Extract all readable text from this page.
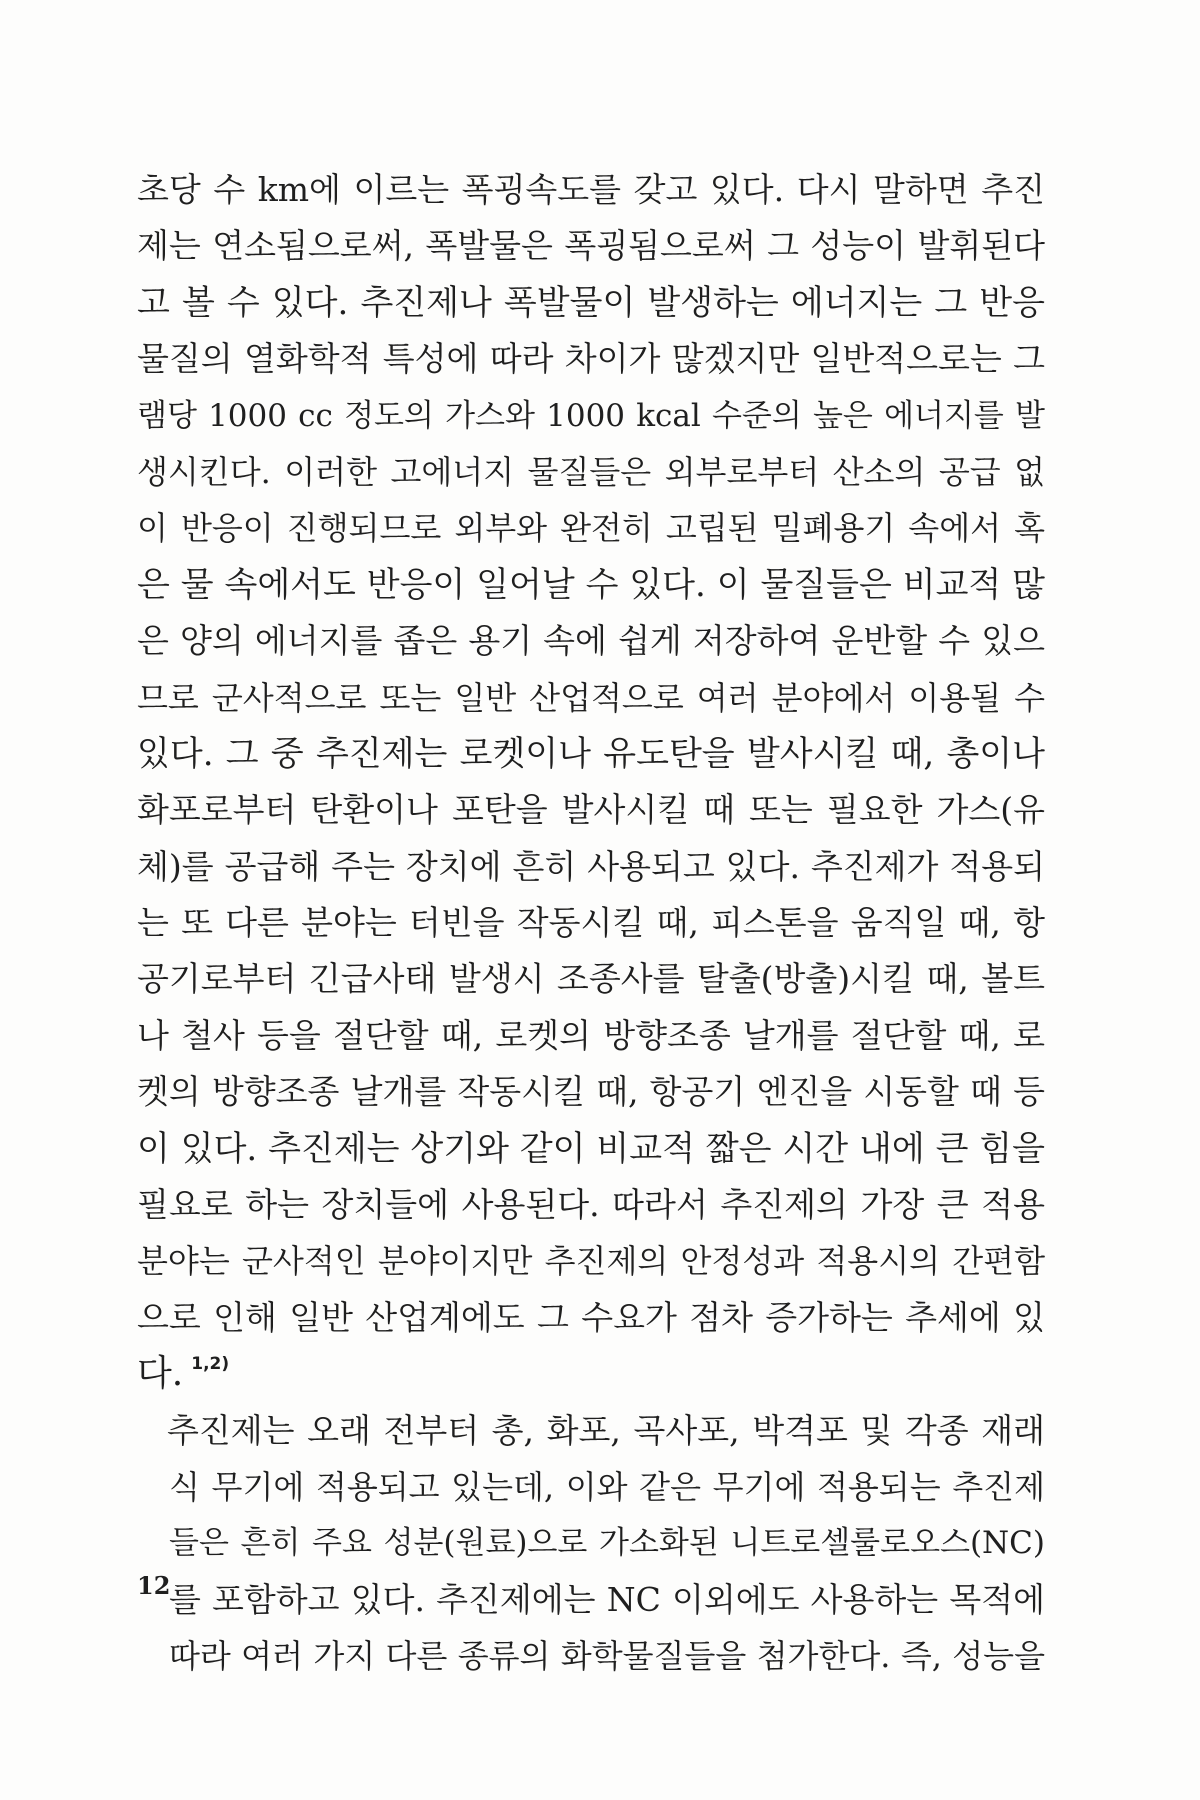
초당 수 km에 이르는 폭굉속도를 갖고 있다. 다시 말하면 추진
제는 연소됨으로써, 폭발물은 폭굉됨으로써 그 성능이 발휘된다
고 볼 수 있다. 추진제나 폭발물이 발생하는 에너지는 그 반응
물질의 열화학적 특성에 따라 차이가 많겠지만 일반적으로는 그
램당 1000 cc 정도의 가스와 1000 kcal 수준의 높은 에너지를 발
생시킨다. 이러한 고에너지 물질들은 외부로부터 산소의 공급 없
이 반응이 진행되므로 외부와 완전히 고립된 밀폐용기 속에서 혹
은 물 속에서도 반응이 일어날 수 있다. 이 물질들은 비교적 많
은 양의 에너지를 좁은 용기 속에 쉽게 저장하여 운반할 수 있으
므로 군사적으로 또는 일반 산업적으로 여러 분야에서 이용될 수
있다. 그 중 추진제는 로켓이나 유도탄을 발사시킬 때, 총이나
화포로부터 탄환이나 포탄을 발사시킬 때 또는 필요한 가스(유
체)를 공급해 주는 장치에 흔히 사용되고 있다. 추진제가 적용되
는 또 다른 분야는 터빈을 작동시킬 때, 피스톤을 움직일 때, 항
공기로부터 긴급사태 발생시 조종사를 탈출(방출)시킬 때, 볼트
나 철사 등을 절단할 때, 로켓의 방향조종 날개를 절단할 때, 로
켓의 방향조종 날개를 작동시킬 때, 항공기 엔진을 시동할 때 등
이 있다. 추진제는 상기와 같이 비교적 짧은 시간 내에 큰 힘을
필요로 하는 장치들에 사용된다. 따라서 추진제의 가장 큰 적용
분야는 군사적인 분야이지만 추진제의 안정성과 적용시의 간편함
으로 인해 일반 산업계에도 그 수요가 점차 증가하는 추세에 있
다. $^{1,2)}$
추진제는 오래 전부터 총, 화포, 곡사포, 박격포 및 각종 재래
식 무기에 적용되고 있는데, 이와 같은 무기에 적용되는 추진제
들은 흔히 주요 성분(원료)으로 가소화된 니트로셀룰로오스(NC)
를 포함하고 있다. 추진제에는 NC 이외에도 사용하는 목적에
따라 여러 가지 다른 종류의 화학물질들을 첨가한다. 즉, 성능을
12
